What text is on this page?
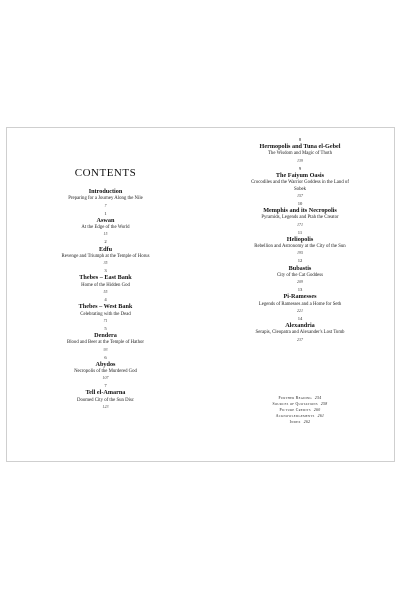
CONTENTS
Introduction
Preparing for a Journey Along the Nile
7
1
Aswan
At the Edge of the World
15
2
Edfu
Revenge and Triumph at the Temple of Horus
35
3
Thebes – East Bank
Home of the Hidden God
55
4
Thebes – West Bank
Celebrating with the Dead
71
5
Dendera
Blood and Beer at the Temple of Hathor
93
6
Abydos
Necropolis of the Murdered God
107
7
Tell el-Amarna
Doomed City of the Sun Disc
123
8
Hermopolis and Tuna el-Gebel
The Wisdom and Magic of Thoth
139
9
The Faiyum Oasis
Crocodiles and the Warrior Goddess in the Land of Sobek
157
10
Memphis and its Necropolis
Pyramids, Legends and Ptah the Creator
171
11
Heliopolis
Rebellion and Astronomy at the City of the Sun
195
12
Bubastis
City of the Cat Goddess
209
13
Pi-Ramesses
Legends of Ramesses and a Home for Seth
221
14
Alexandria
Serapis, Cleopatra and Alexander's Lost Tomb
237
Further Reading 254
Sources of Quotations 258
Picture Credits 260
Acknowledgements 261
Index 262
